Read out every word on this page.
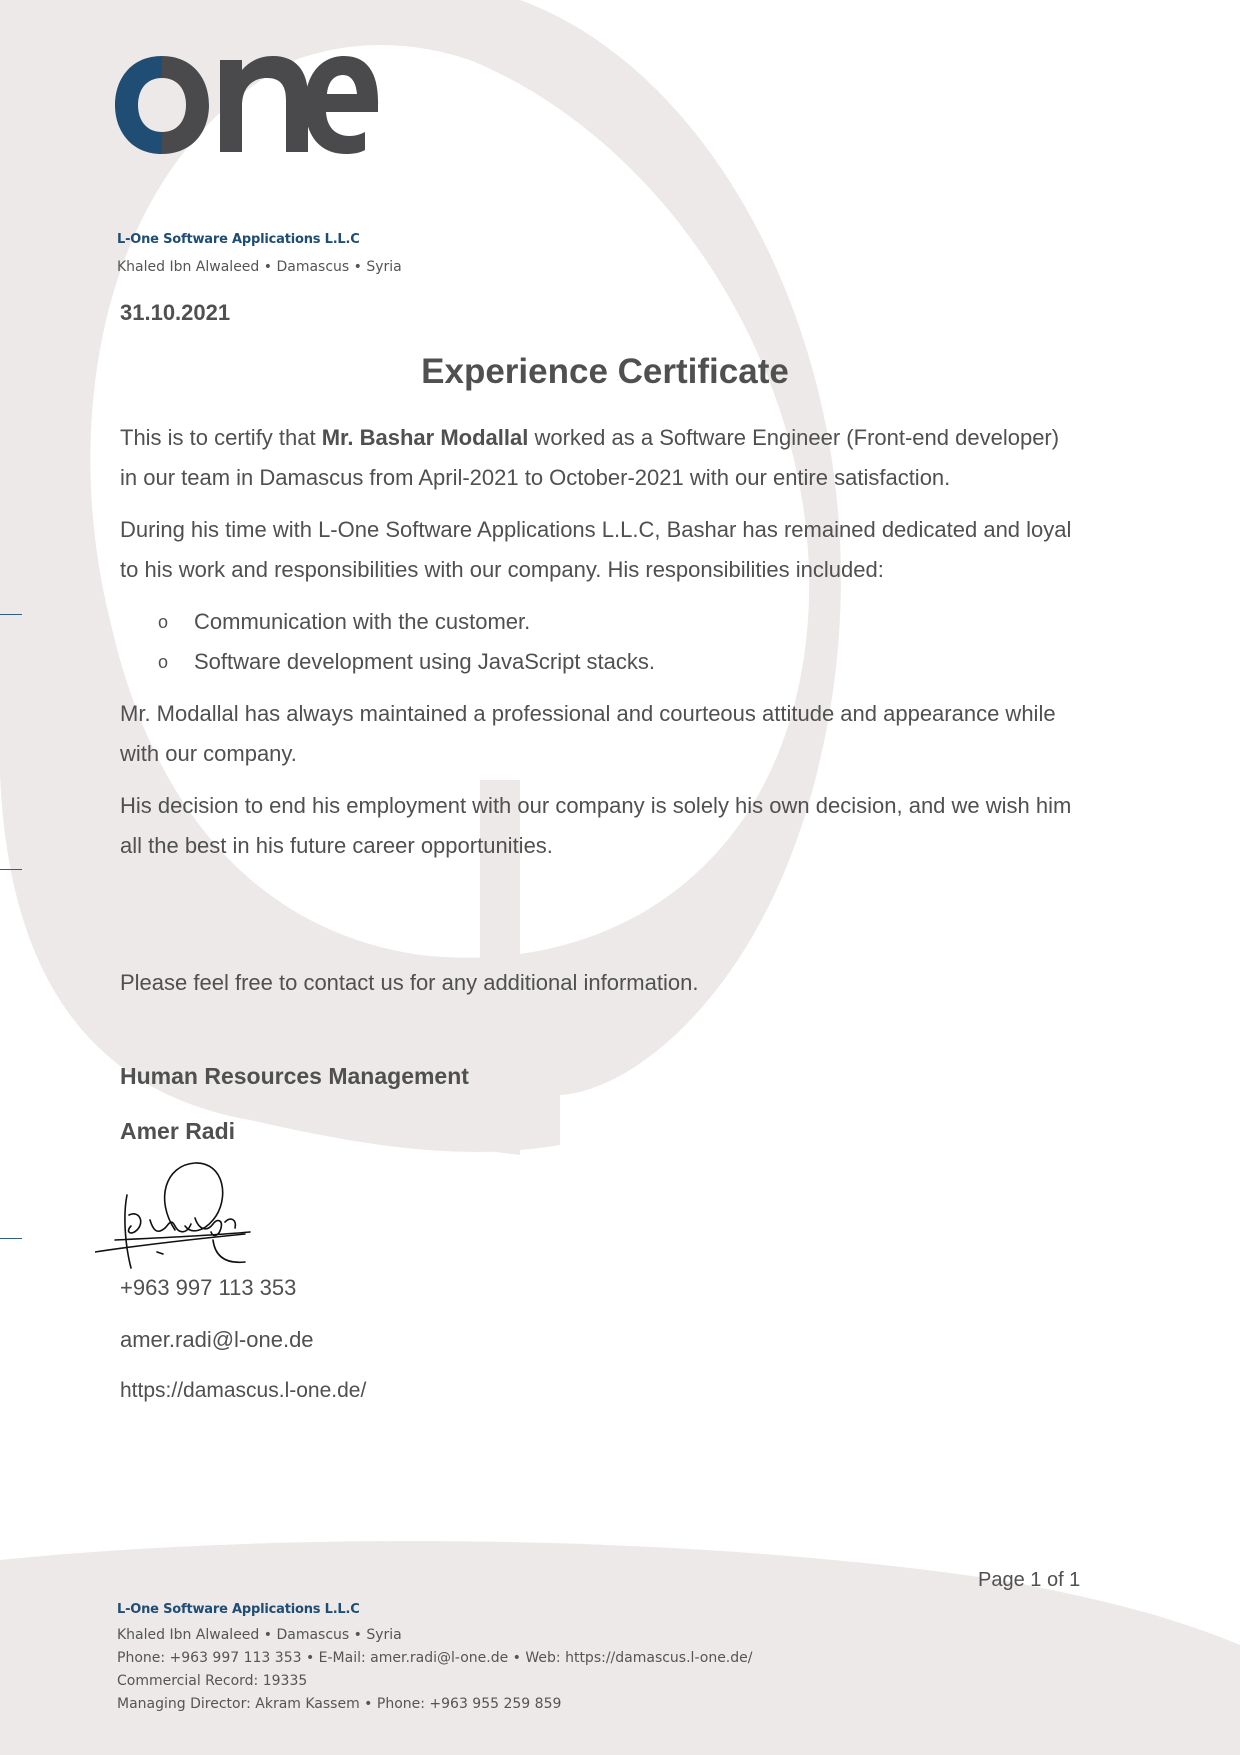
L-One Software Applications L.L.C
Khaled Ibn Alwaleed • Damascus • Syria
31.10.2021
Experience Certificate

This is to certify that Mr. Bashar Modallal worked as a Software Engineer (Front-end developer) in our team in Damascus from April-2021 to October-2021 with our entire satisfaction.

During his time with L-One Software Applications L.L.C, Bashar has remained dedicated and loyal to his work and responsibilities with our company. His responsibilities included:

o Communication with the customer.
o Software development using JavaScript stacks.

Mr. Modallal has always maintained a professional and courteous attitude and appearance while with our company.

His decision to end his employment with our company is solely his own decision, and we wish him all the best in his future career opportunities.

Please feel free to contact us for any additional information.
Human Resources Management
Amer Radi
+963 997 113 353
amer.radi@l-one.de
https://damascus.l-one.de/
Page 1 of 1
L-One Software Applications L.L.C
Khaled Ibn Alwaleed • Damascus • Syria
Phone: +963 997 113 353 • E-Mail: amer.radi@l-one.de • Web: https://damascus.l-one.de/
Commercial Record: 19335
Managing Director: Akram Kassem • Phone: +963 955 259 859
